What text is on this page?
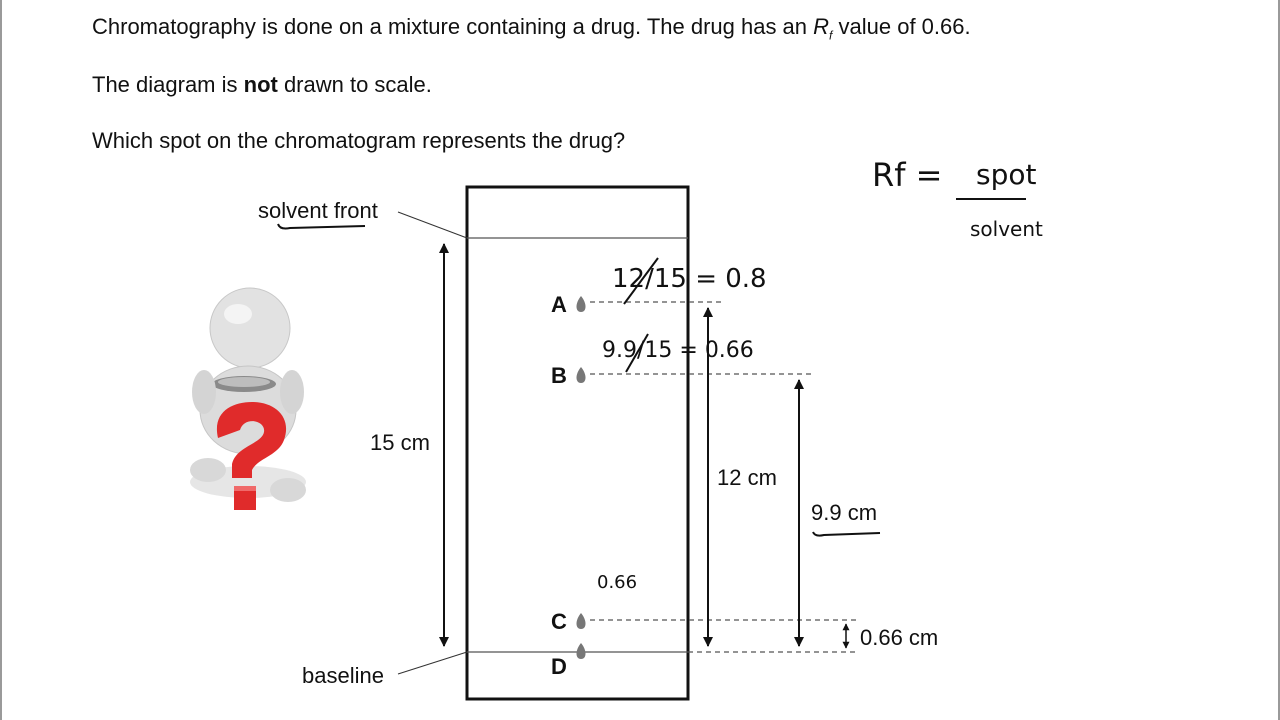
Chromatography is done on a mixture containing a drug. The drug has an $R_f$ value of 0.66.
The diagram is not drawn to scale.
Which spot on the chromatogram represents the drug?
solvent front
baseline
15 cm
A
B
C
D
12 cm
9.9 cm
0.66 cm
Rf = spot
solvent
12/15 = 0.8
9.9/15 = 0.66
0.66
